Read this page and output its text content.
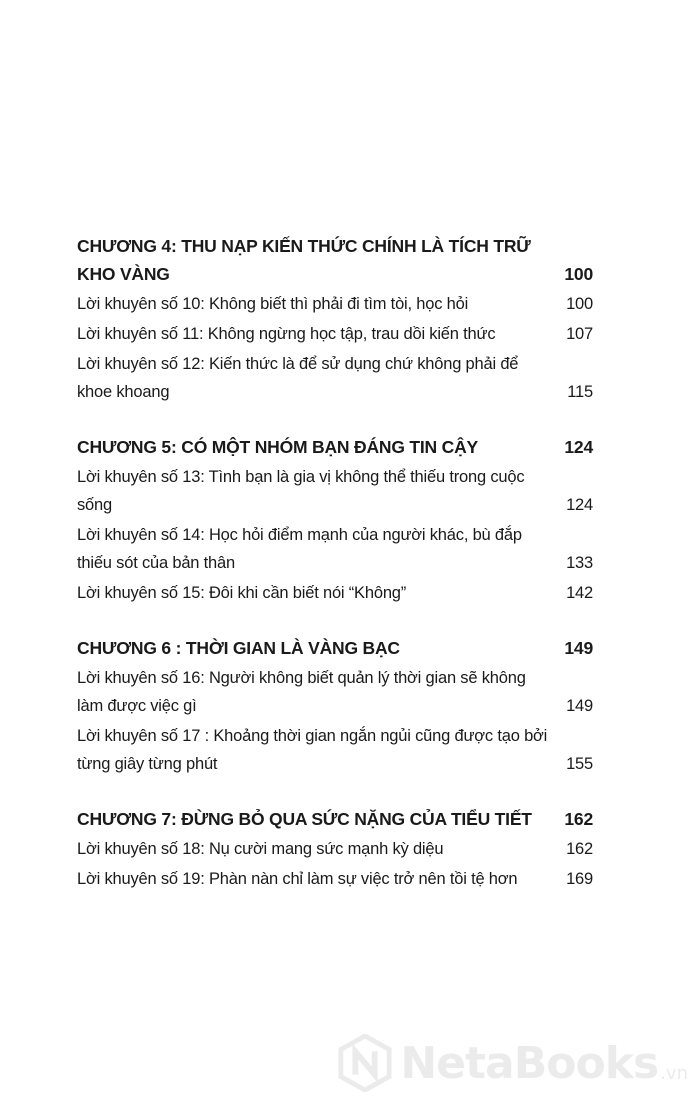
CHƯƠNG 4: THU NẠP KIẾN THỨC CHÍNH LÀ TÍCH TRỮ KHO VÀNG	100
Lời khuyên số 10: Không biết thì phải đi tìm tòi, học hỏi	100
Lời khuyên số 11: Không ngừng học tập, trau dồi kiến thức	107
Lời khuyên số 12: Kiến thức là để sử dụng chứ không phải để khoe khoang	115
CHƯƠNG 5: CÓ MỘT NHÓM BẠN ĐÁNG TIN CẬY	124
Lời khuyên số 13: Tình bạn là gia vị không thể thiếu trong cuộc sống	124
Lời khuyên số 14: Học hỏi điểm mạnh của người khác, bù đắp thiếu sót của bản thân	133
Lời khuyên số 15: Đôi khi cần biết nói “Không”	142
CHƯƠNG 6 : THỜI GIAN LÀ VÀNG BẠC	149
Lời khuyên số 16: Người không biết quản lý thời gian sẽ không làm được việc gì	149
Lời khuyên số 17 : Khoảng thời gian ngắn ngủi cũng được tạo bởi từng giây từng phút	155
CHƯƠNG 7: ĐỪNG BỎ QUA SỨC NẶNG CỦA TIỂU TIẾT	162
Lời khuyên số 18: Nụ cười mang sức mạnh kỳ diệu	162
Lời khuyên số 19: Phàn nàn chỉ làm sự việc trở nên tồi tệ hơn	169
NetaBooks .vn
